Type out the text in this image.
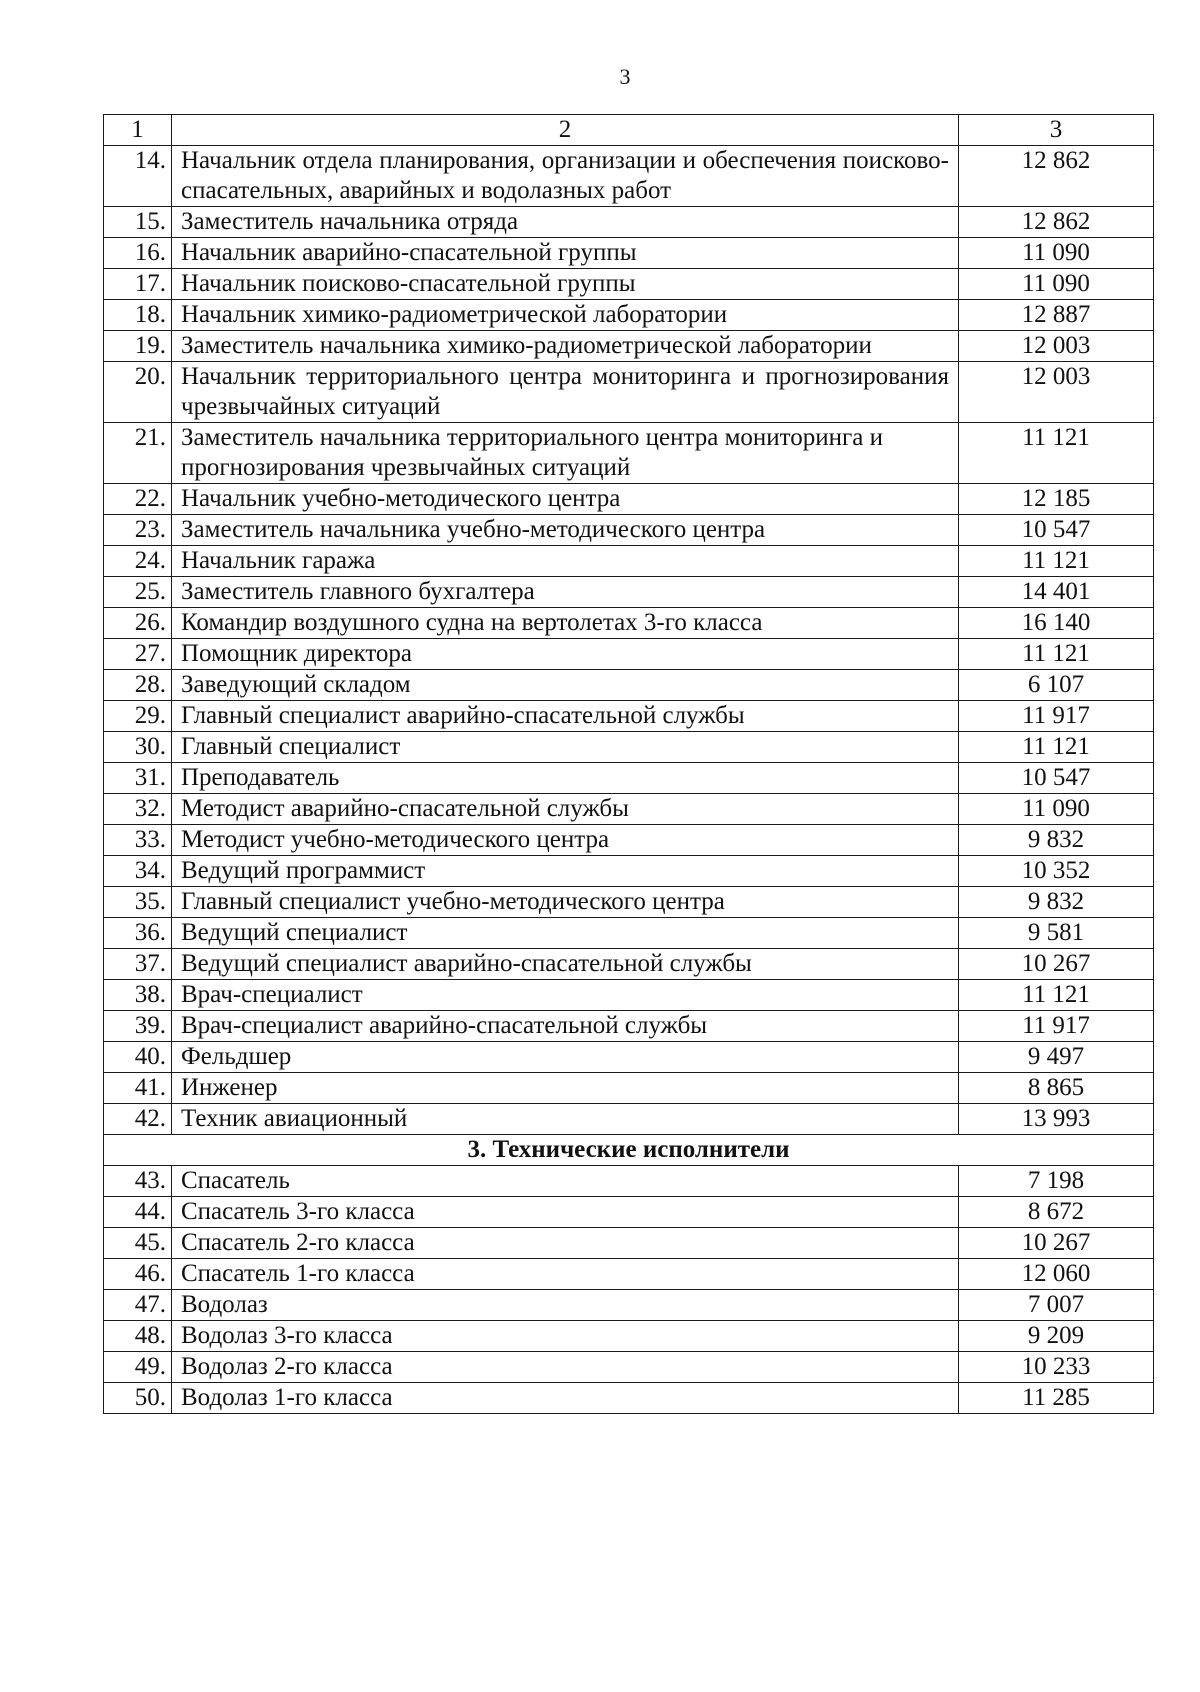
3
1	2	3
14.	Начальник отдела планирования, организации и обеспечения поисково-спасательных, аварийных и водолазных работ	12 862
15.	Заместитель начальника отряда	12 862
16.	Начальник аварийно-спасательной группы	11 090
17.	Начальник поисково-спасательной группы	11 090
18.	Начальник химико-радиометрической лаборатории	12 887
19.	Заместитель начальника химико-радиометрической лаборатории	12 003
20.	Начальник территориального центра мониторинга и прогнозирования чрезвычайных ситуаций	12 003
21.	Заместитель начальника территориального центра мониторинга и прогнозирования чрезвычайных ситуаций	11 121
22.	Начальник учебно-методического центра	12 185
23.	Заместитель начальника учебно-методического центра	10 547
24.	Начальник гаража	11 121
25.	Заместитель главного бухгалтера	14 401
26.	Командир воздушного судна на вертолетах 3-го класса	16 140
27.	Помощник директора	11 121
28.	Заведующий складом	6 107
29.	Главный специалист аварийно-спасательной службы	11 917
30.	Главный специалист	11 121
31.	Преподаватель	10 547
32.	Методист аварийно-спасательной службы	11 090
33.	Методист учебно-методического центра	9 832
34.	Ведущий программист	10 352
35.	Главный специалист учебно-методического центра	9 832
36.	Ведущий специалист	9 581
37.	Ведущий специалист аварийно-спасательной службы	10 267
38.	Врач-специалист	11 121
39.	Врач-специалист аварийно-спасательной службы	11 917
40.	Фельдшер	9 497
41.	Инженер	8 865
42.	Техник авиационный	13 993
3. Технические исполнители		
43.	Спасатель	7 198
44.	Спасатель 3-го класса	8 672
45.	Спасатель 2-го класса	10 267
46.	Спасатель 1-го класса	12 060
47.	Водолаз	7 007
48.	Водолаз 3-го класса	9 209
49.	Водолаз 2-го класса	10 233
50.	Водолаз 1-го класса	11 285
